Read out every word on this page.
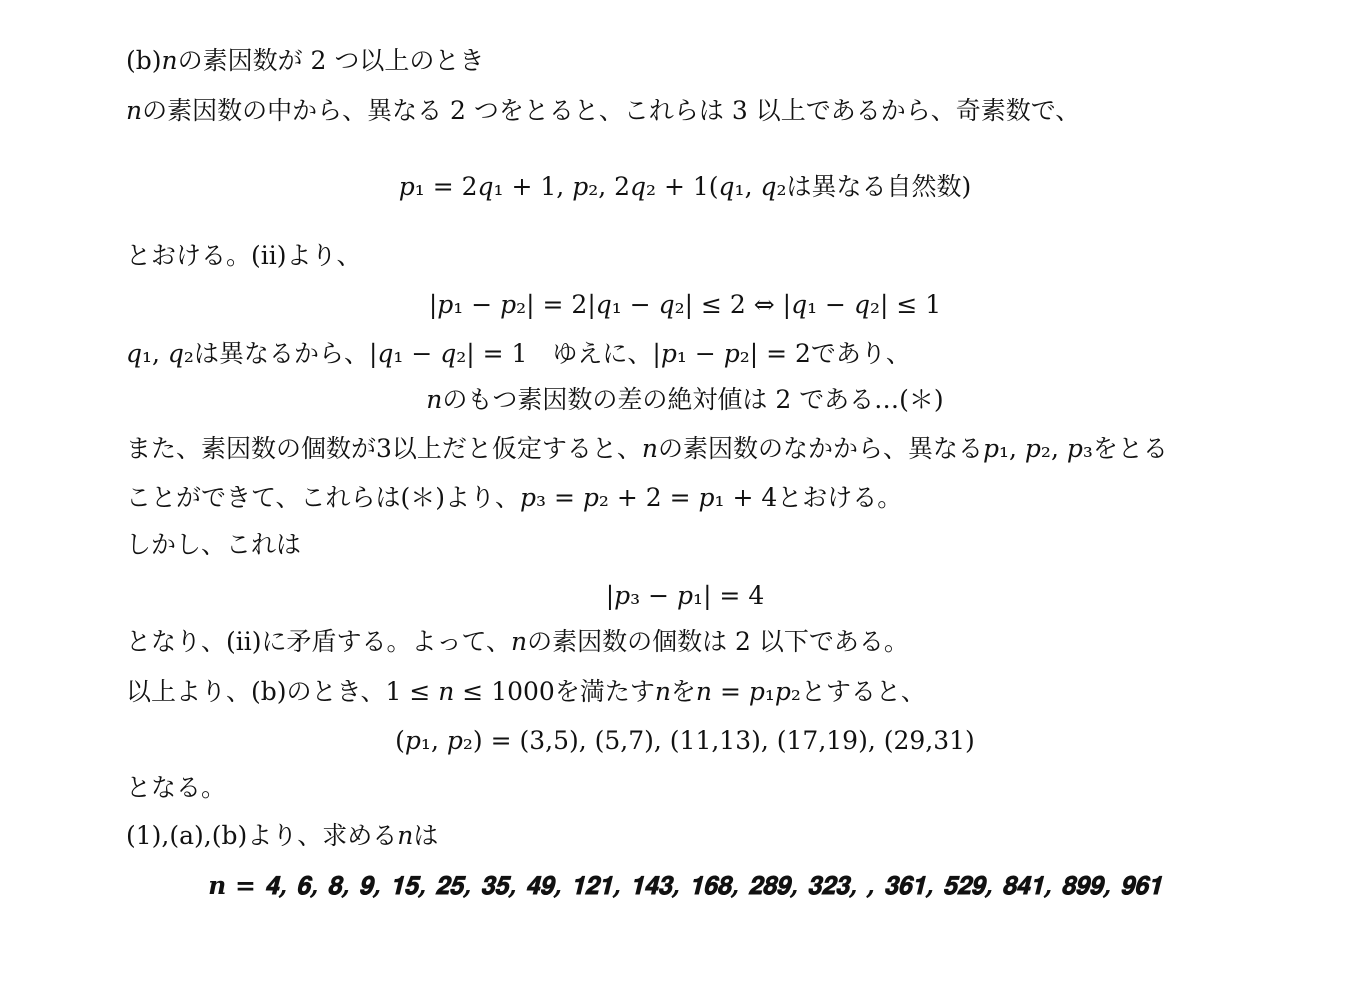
(b)𝑛の素因数が 2 つ以上のとき
𝑛の素因数の中から、異なる 2 つをとると、これらは 3 以上であるから、奇素数で、
𝑝₁ = 2𝑞₁ + 1, 𝑝₂, 2𝑞₂ + 1(𝑞₁, 𝑞₂は異なる自然数)
とおける。(ⅱ)より、
|𝑝₁ − 𝑝₂| = 2|𝑞₁ − 𝑞₂| ≤ 2 ⇔ |𝑞₁ − 𝑞₂| ≤ 1
𝑞₁, 𝑞₂は異なるから、|𝑞₁ − 𝑞₂| = 1　ゆえに、|𝑝₁ − 𝑝₂| = 2であり、
𝑛のもつ素因数の差の絶対値は 2 である…(＊)
また、素因数の個数が3以上だと仮定すると、𝑛の素因数のなかから、異なる𝑝₁, 𝑝₂, 𝑝₃をとる
ことができて、これらは(＊)より、𝑝₃ = 𝑝₂ + 2 = 𝑝₁ + 4とおける。
しかし、これは
|𝑝₃ − 𝑝₁| = 4
となり、(ⅱ)に矛盾する。よって、𝑛の素因数の個数は 2 以下である。
以上より、(b)のとき、1 ≤ 𝑛 ≤ 1000を満たす𝑛を𝑛 = 𝑝₁𝑝₂とすると、
(𝑝₁, 𝑝₂) = (3,5), (5,7), (11,13), (17,19), (29,31)
となる。
(1),(a),(b)より、求める𝑛は
𝒏 = 𝟒, 𝟔, 𝟖, 𝟗, 𝟏𝟓, 𝟐𝟓, 𝟑𝟓, 𝟒𝟗, 𝟏𝟐𝟏, 𝟏𝟒𝟑, 𝟏𝟔𝟖, 𝟐𝟖𝟗, 𝟑𝟐𝟑, , 𝟑𝟔𝟏, 𝟓𝟐𝟗, 𝟖𝟒𝟏, 𝟖𝟗𝟗, 𝟗𝟔𝟏
